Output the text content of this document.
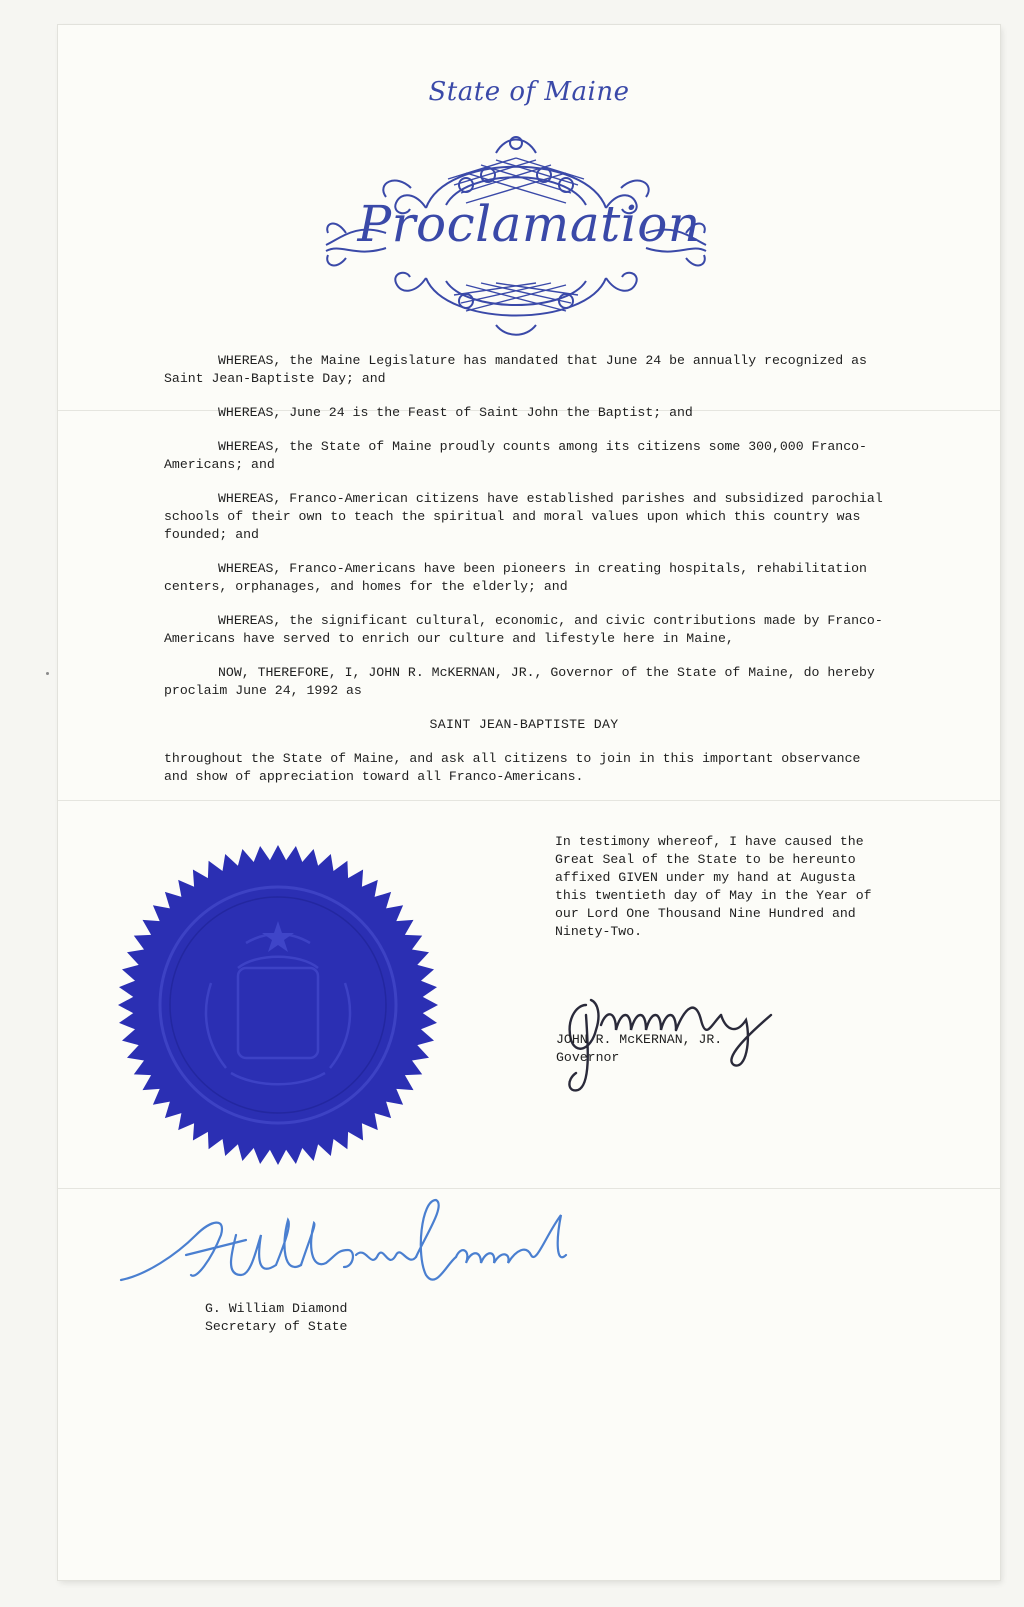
State of Maine
Proclamation

WHEREAS, the Maine Legislature has mandated that June 24 be annually recognized as Saint Jean-Baptiste Day; and

WHEREAS, June 24 is the Feast of Saint John the Baptist; and

WHEREAS, the State of Maine proudly counts among its citizens some 300,000 Franco-Americans; and

WHEREAS, Franco-American citizens have established parishes and subsidized parochial schools of their own to teach the spiritual and moral values upon which this country was founded; and

WHEREAS, Franco-Americans have been pioneers in creating hospitals, rehabilitation centers, orphanages, and homes for the elderly; and

WHEREAS, the significant cultural, economic, and civic contributions made by Franco-Americans have served to enrich our culture and lifestyle here in Maine,

NOW, THEREFORE, I, JOHN R. McKERNAN, JR., Governor of the State of Maine, do hereby proclaim June 24, 1992 as

SAINT JEAN-BAPTISTE DAY

throughout the State of Maine, and ask all citizens to join in this important observance and show of appreciation toward all Franco-Americans.

In testimony whereof, I have caused the Great Seal of the State to be hereunto affixed GIVEN under my hand at Augusta this twentieth day of May in the Year of our Lord One Thousand Nine Hundred and Ninety-Two.
JOHN R. McKERNAN, JR.
Governor
G. William Diamond
Secretary of State
